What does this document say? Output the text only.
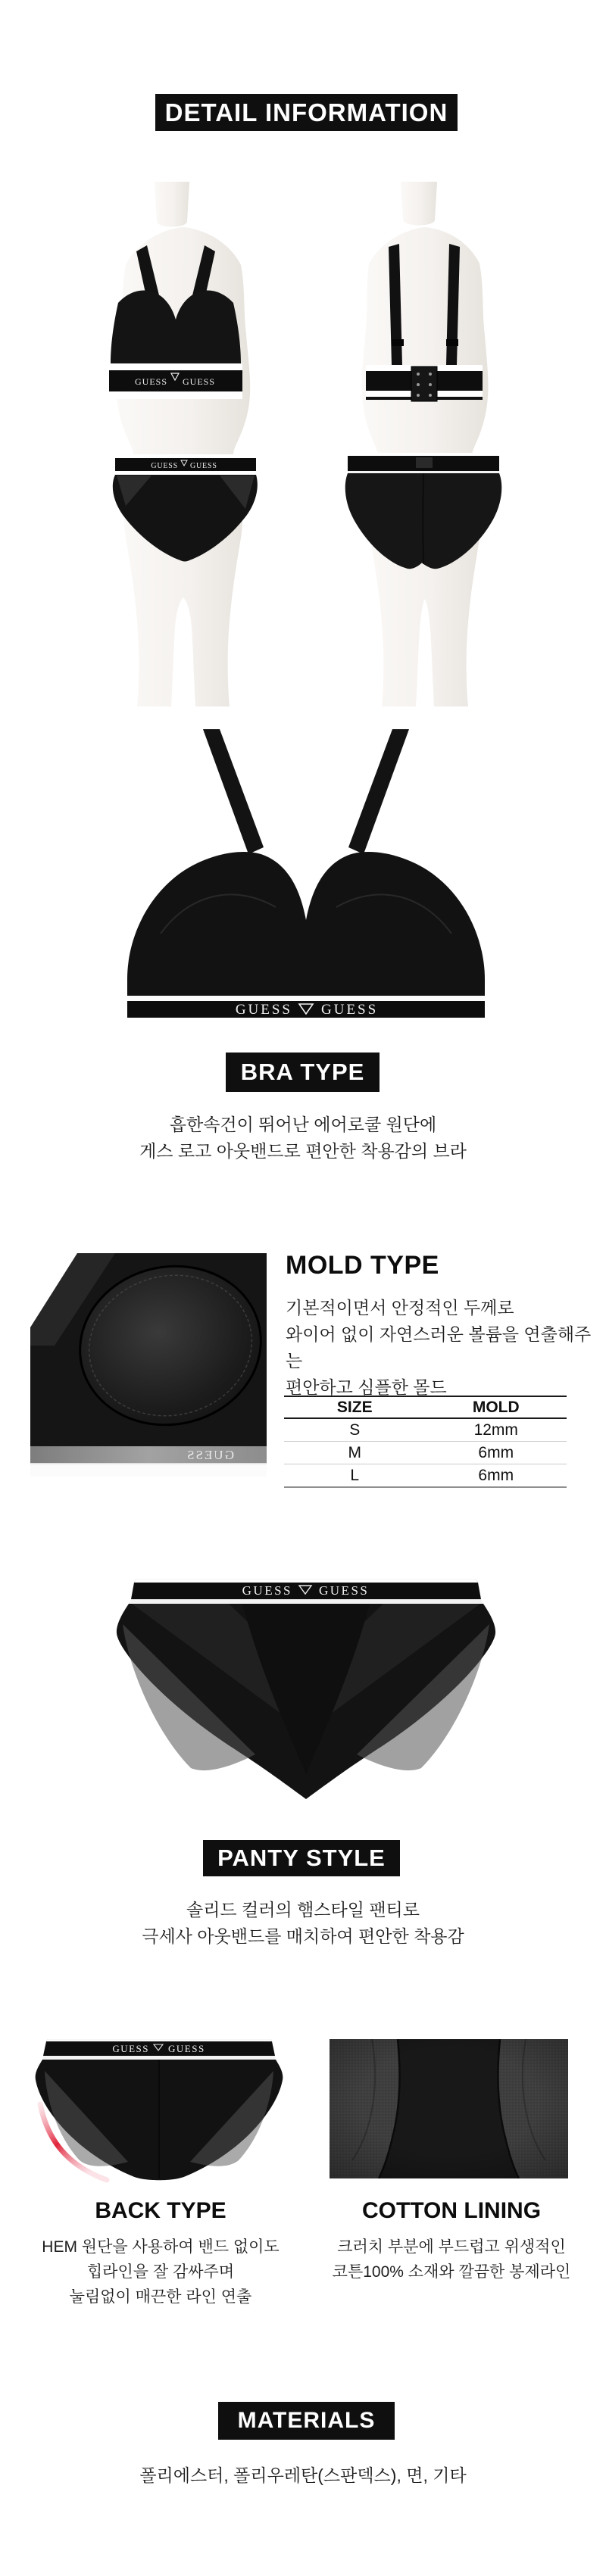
DETAIL INFORMATION
GUESS GUESS
GUESS GUESS
GUESS GUESS
BRA TYPE
흡한속건이 뛰어난 에어로쿨 원단에
게스 로고 아웃밴드로 편안한 착용감의 브라
GUESS
MOLD TYPE
기본적이면서 안정적인 두께로
와이어 없이 자연스러운 볼륨을 연출해주는
편안하고 심플한 몰드
SIZE	MOLD
S	12mm
M	6mm
L	6mm
GUESS GUESS
PANTY STYLE
솔리드 컬러의 햄스타일 팬티로
극세사 아웃밴드를 매치하여 편안한 착용감
GUESS GUESS
BACK TYPE	COTTON LINING
HEM 원단을 사용하여 밴드 없이도
힙라인을 잘 감싸주며
눌림없이 매끈한 라인 연출
크러치 부분에 부드럽고 위생적인
코튼100% 소재와 깔끔한 봉제라인
MATERIALS
폴리에스터, 폴리우레탄(스판덱스), 면, 기타
